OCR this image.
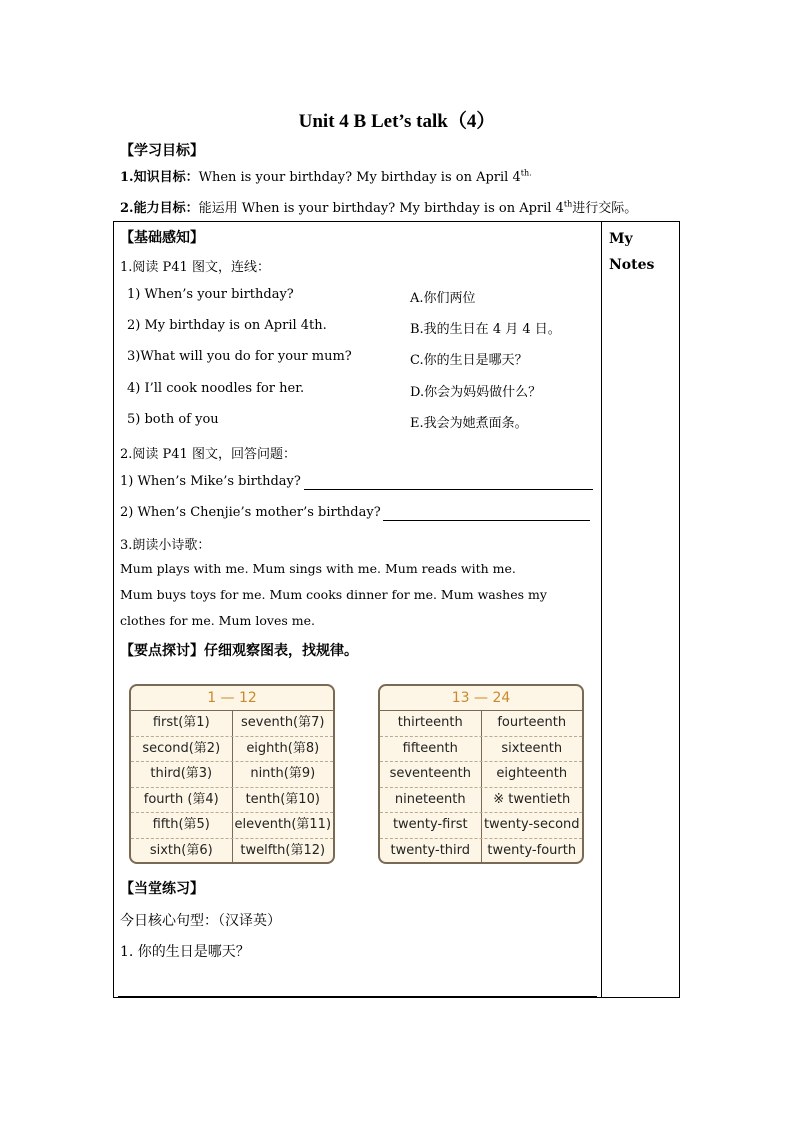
Unit 4 B Let’s talk（4）
【学习目标】
1.知识目标：When is your birthday? My birthday is on April $4^{th.}$
2.能力目标：能运用 When is your birthday? My birthday is on April 4th进行交际。
My
Notes
【基础感知】
1.阅读 P41 图文，连线：
1) When’s your birthday?
2) My birthday is on April 4th.
3)What will you do for your mum?
4) I’ll cook noodles for her.
5) both of you
A.你们两位
B.我的生日在 4 月 4 日。
C.你的生日是哪天？
D.你会为妈妈做什么？
E.我会为她煮面条。
2.阅读 P41 图文，回答问题：
1) When’s Mike’s birthday?
2) When’s Chenjie’s mother’s birthday?
3.朗读小诗歌：
Mum plays with me. Mum sings with me. Mum reads with me.
Mum buys toys for me. Mum cooks dinner for me. Mum washes my
clothes for me. Mum loves me.
【要点探讨】仔细观察图表，找规律。
1 — 12
first(第1)	seventh(第7)
second(第2)	eighth(第8)
third(第3)	ninth(第9)
fourth (第4)	tenth(第10)
fifth(第5)	eleventh(第11)
sixth(第6)	twelfth(第12)
13 — 24
thirteenth	fourteenth
fifteenth	sixteenth
seventeenth	eighteenth
nineteenth	※ twentieth
twenty-first	twenty-second
twenty-third	twenty-fourth
【当堂练习】
今日核心句型：（汉译英）
1. 你的生日是哪天？
